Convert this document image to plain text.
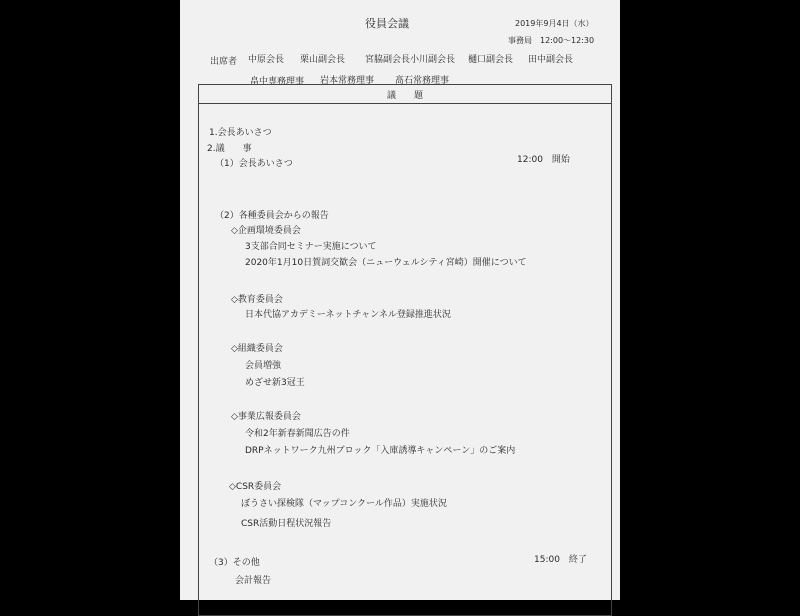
役員会議	2019年9月4日（水）
事務局　12:00～12:30
出席者 中原会長 栗山副会長 宮脇副会長 小川副会長 樋口副会長 田中副会長
畠中専務理事 岩本常務理事 髙石常務理事
議　　題
1.会長あいさつ
2.議　　事
（1）会長あいさつ	12:00　開始
（2）各種委員会からの報告
◇企画環境委員会
3支部合同セミナー実施について
2020年1月10日賀詞交歓会（ニューウェルシティ宮崎）開催について
◇教育委員会
日本代協アカデミーネットチャンネル登録推進状況
◇組織委員会
会員増強
めざせ新3冠王
◇事業広報委員会
令和2年新春新聞広告の件
DRPネットワーク九州ブロック「入庫誘導キャンペーン」のご案内
◇CSR委員会
ぼうさい探検隊（マップコンクール作品）実施状況
CSR活動日程状況報告
（3）その他	15:00　終了
会計報告
